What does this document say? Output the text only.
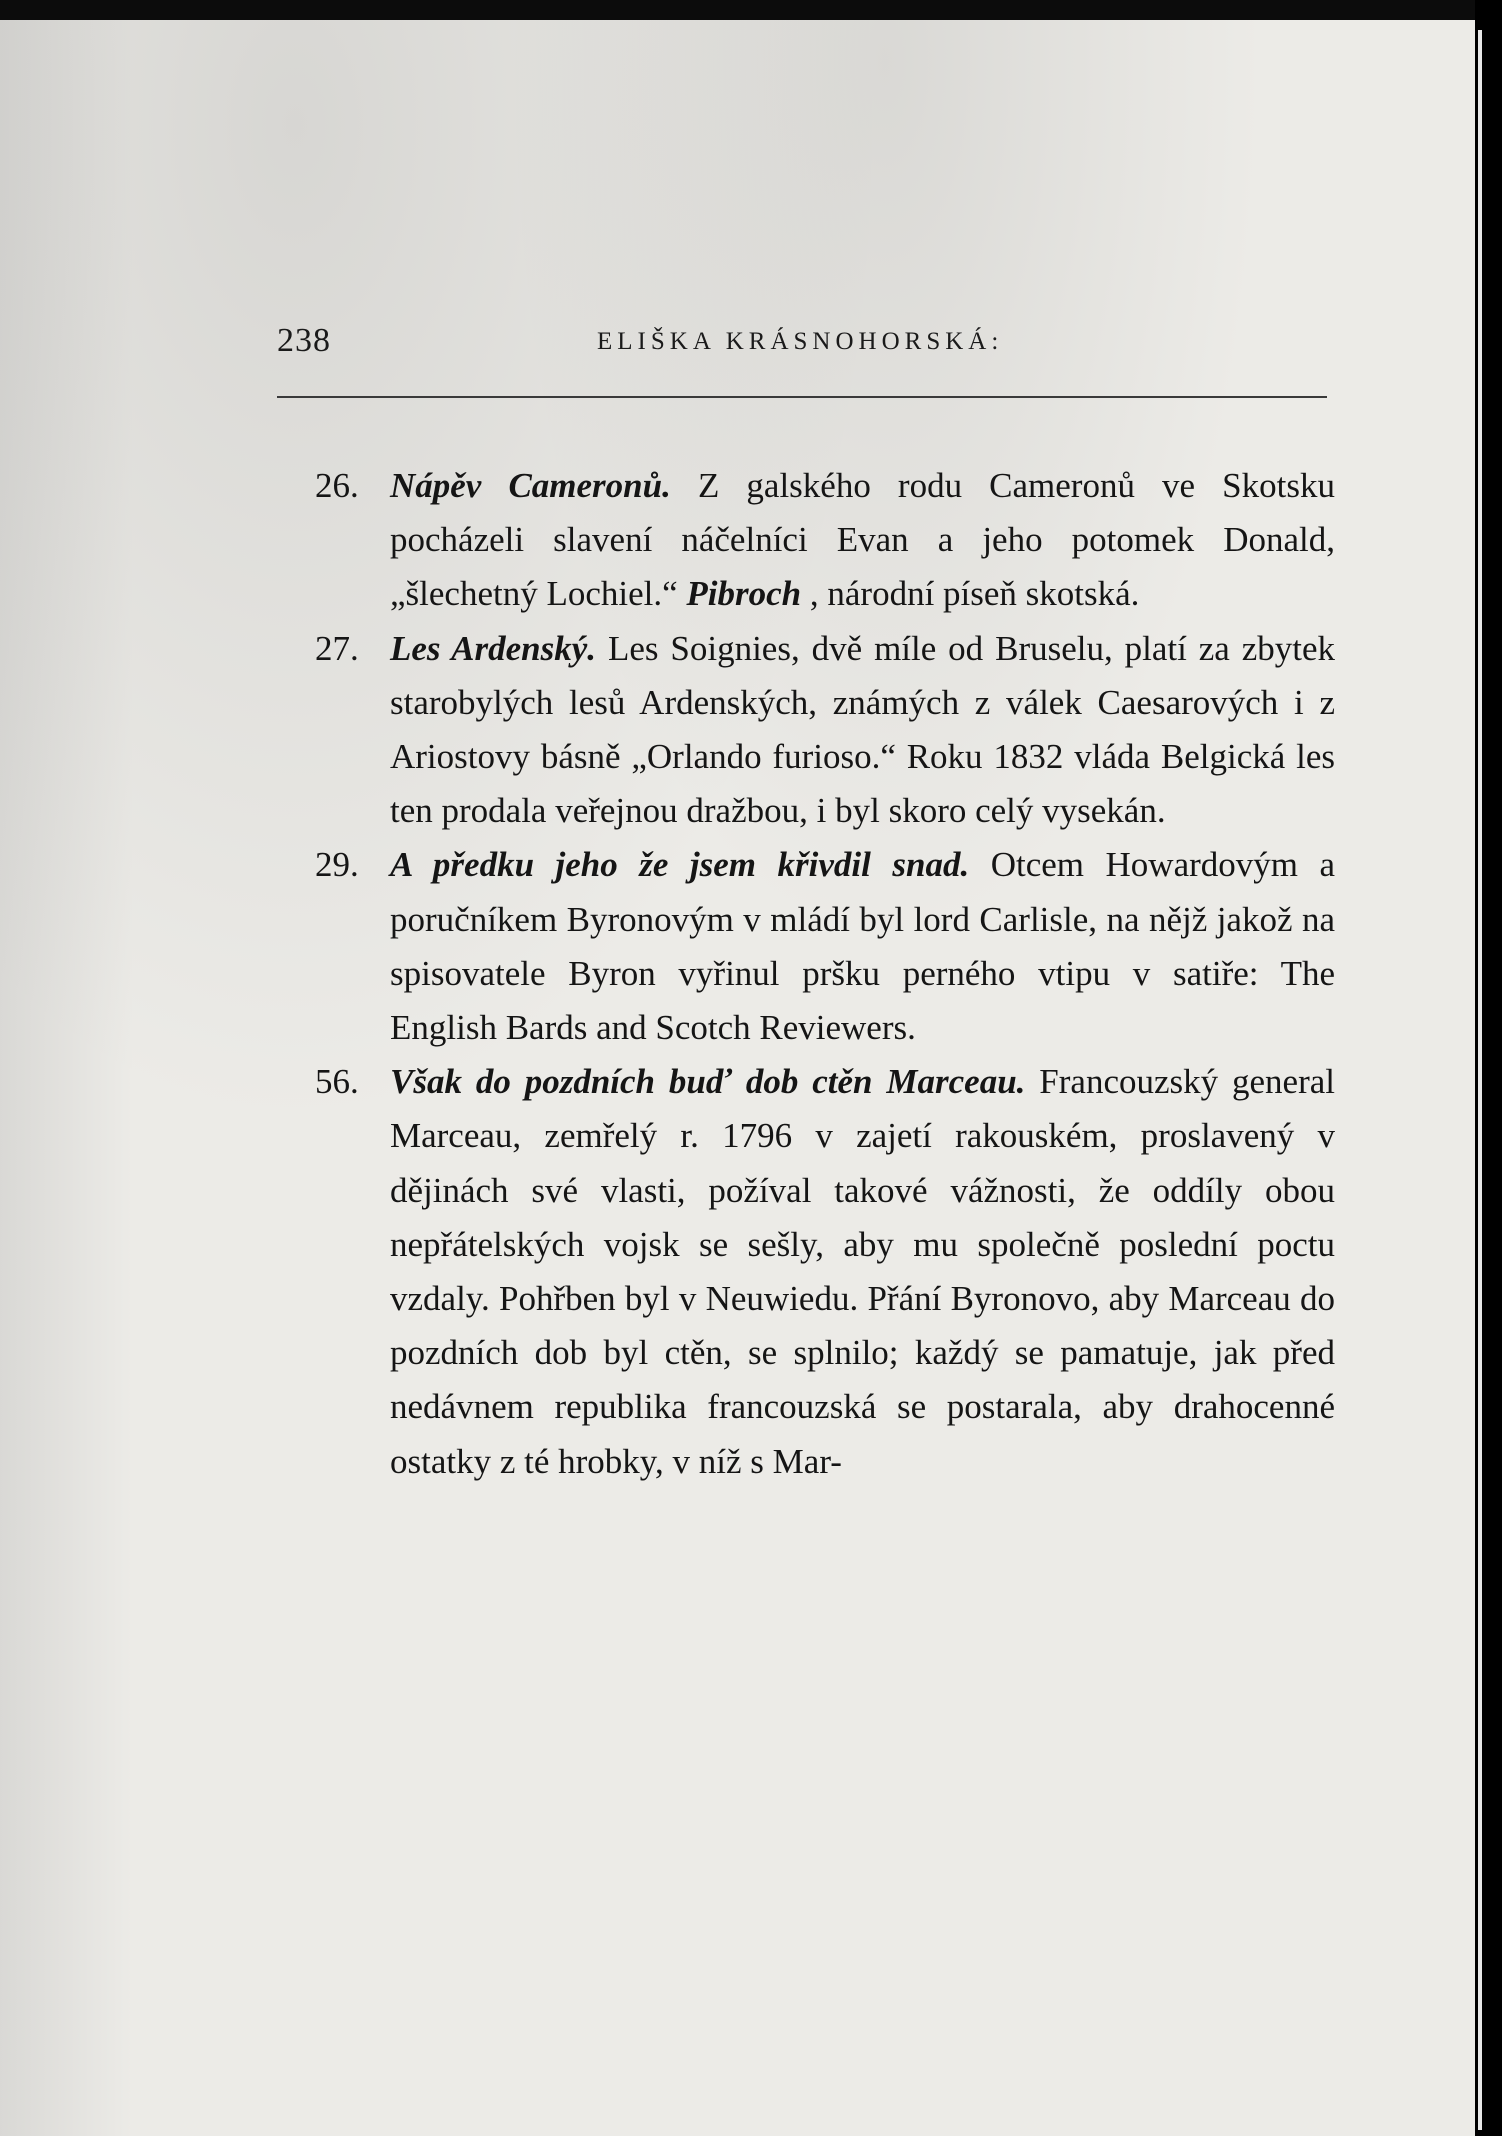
238	ELIŠKA KRÁSNOHORSKÁ:

26. Nápěv Cameronů. Z galského rodu Cameronů ve Skotsku pocházeli slavení náčelníci Evan a jeho potomek Donald, „šlechetný Lochiel.“ Pibroch , národní píseň skotská.

27. Les Ardenský. Les Soignies, dvě míle od Bruselu, platí za zbytek starobylých lesů Ardenských, známých z válek Caesarových i z Ariostovy básně „Orlando furioso.“ Roku 1832 vláda Belgická les ten prodala veřejnou dražbou, i byl skoro celý vysekán.

29. A předku jeho že jsem křivdil snad. Otcem Howardovým a poručníkem Byronovým v mládí byl lord Carlisle, na nějž jakož na spisovatele Byron vyřinul pršku perného vtipu v satiře: The English Bards and Scotch Reviewers.

56. Však do pozdních buď dob ctěn Marceau. Francouzský general Marceau, zemřelý r. 1796 v zajetí rakouském, proslavený v dějinách své vlasti, požíval takové vážnosti, že oddíly obou nepřátelských vojsk se sešly, aby mu společně poslední poctu vzdaly. Pohřben byl v Neuwiedu. Přání Byronovo, aby Marceau do pozdních dob byl ctěn, se splnilo; každý se pamatuje, jak před nedávnem republika francouzská se postarala, aby drahocenné ostatky z té hrobky, v níž s Mar-
